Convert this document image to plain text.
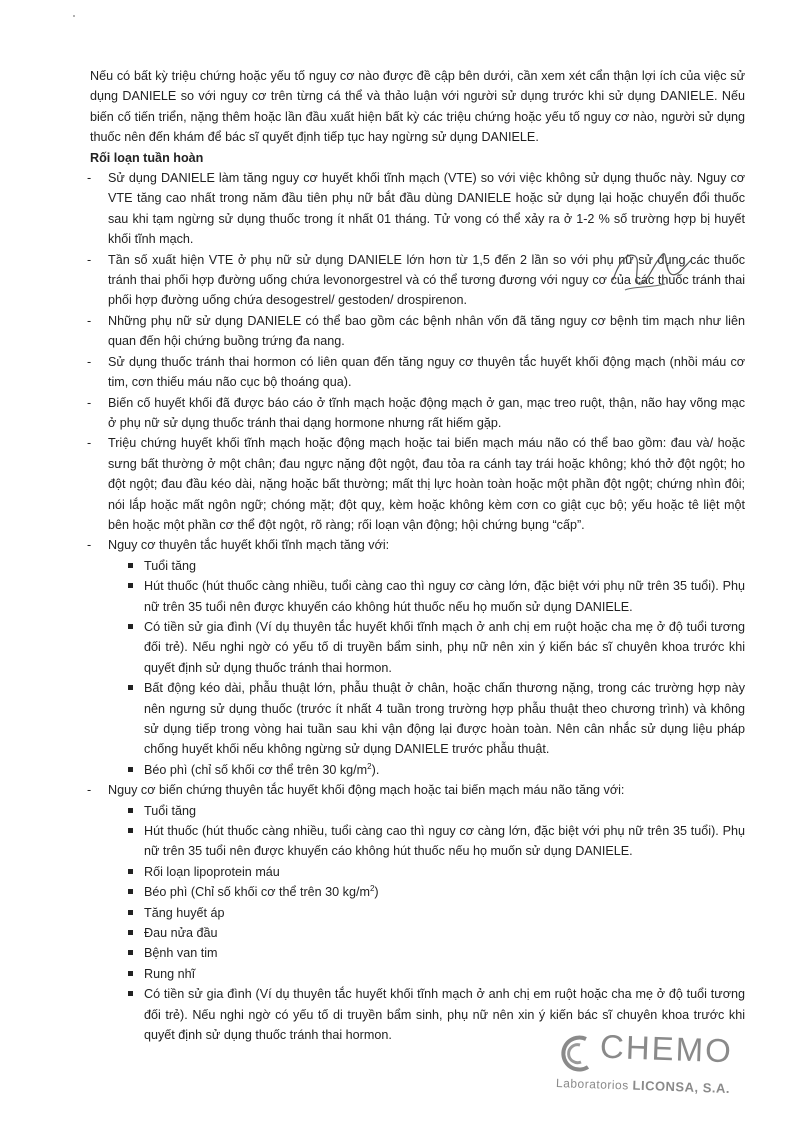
Nếu có bất kỳ triệu chứng hoặc yếu tố nguy cơ nào được đề cập bên dưới, cần xem xét cẩn thận lợi ích của việc sử dụng DANIELE so với nguy cơ trên từng cá thể và thảo luận với người sử dụng trước khi sử dụng DANIELE. Nếu biến cố tiến triển, nặng thêm hoặc lần đầu xuất hiện bất kỳ các triệu chứng hoặc yếu tố nguy cơ nào, người sử dụng thuốc nên đến khám để bác sĩ quyết định tiếp tục hay ngừng sử dụng DANIELE.

Rối loạn tuần hoàn

- Sử dụng DANIELE làm tăng nguy cơ huyết khối tĩnh mạch (VTE) so với việc không sử dụng thuốc này. Nguy cơ VTE tăng cao nhất trong năm đầu tiên phụ nữ bắt đầu dùng DANIELE hoặc sử dụng lại hoặc chuyển đổi thuốc sau khi tạm ngừng sử dụng thuốc trong ít nhất 01 tháng. Tử vong có thể xảy ra ở 1-2 % số trường hợp bị huyết khối tĩnh mạch.
- Tần số xuất hiện VTE ở phụ nữ sử dụng DANIELE lớn hơn từ 1,5 đến 2 lần so với phụ nữ sử dụng các thuốc tránh thai phối hợp đường uống chứa levonorgestrel và có thể tương đương với nguy cơ của các thuốc tránh thai phối hợp đường uống chứa desogestrel/ gestoden/ drospirenon.
- Những phụ nữ sử dụng DANIELE có thể bao gồm các bệnh nhân vốn đã tăng nguy cơ bệnh tim mạch như liên quan đến hội chứng buồng trứng đa nang.
- Sử dụng thuốc tránh thai hormon có liên quan đến tăng nguy cơ thuyên tắc huyết khối động mạch (nhồi máu cơ tim, cơn thiếu máu não cục bộ thoáng qua).
- Biến cố huyết khối đã được báo cáo ở tĩnh mạch hoặc động mạch ở gan, mạc treo ruột, thận, não hay võng mạc ở phụ nữ sử dụng thuốc tránh thai dạng hormone nhưng rất hiếm gặp.
- Triệu chứng huyết khối tĩnh mạch hoặc động mạch hoặc tai biến mạch máu não có thể bao gồm: đau và/ hoặc sưng bất thường ở một chân; đau ngực nặng đột ngột, đau tỏa ra cánh tay trái hoặc không; khó thở đột ngột; ho đột ngột; đau đầu kéo dài, nặng hoặc bất thường; mất thị lực hoàn toàn hoặc một phần đột ngột; chứng nhìn đôi; nói lắp hoặc mất ngôn ngữ; chóng mặt; đột quỵ, kèm hoặc không kèm cơn co giật cục bộ; yếu hoặc tê liệt một bên hoặc một phần cơ thể đột ngột, rõ ràng; rối loạn vận động; hội chứng bụng “cấp”.
- Nguy cơ thuyên tắc huyết khối tĩnh mạch tăng với:
Tuổi tăng
Hút thuốc (hút thuốc càng nhiều, tuổi càng cao thì nguy cơ càng lớn, đặc biệt với phụ nữ trên 35 tuổi). Phụ nữ trên 35 tuổi nên được khuyến cáo không hút thuốc nếu họ muốn sử dụng DANIELE.
Có tiền sử gia đình (Ví dụ thuyên tắc huyết khối tĩnh mạch ở anh chị em ruột hoặc cha mẹ ở độ tuổi tương đối trẻ). Nếu nghi ngờ có yếu tố di truyền bẩm sinh, phụ nữ nên xin ý kiến bác sĩ chuyên khoa trước khi quyết định sử dụng thuốc tránh thai hormon.
Bất động kéo dài, phẫu thuật lớn, phẫu thuật ở chân, hoặc chấn thương nặng, trong các trường hợp này nên ngưng sử dụng thuốc (trước ít nhất 4 tuần trong trường hợp phẫu thuật theo chương trình) và không sử dụng tiếp trong vòng hai tuần sau khi vận động lại được hoàn toàn. Nên cân nhắc sử dụng liệu pháp chống huyết khối nếu không ngừng sử dụng DANIELE trước phẫu thuật.
Béo phì (chỉ số khối cơ thể trên 30 $kg/m^2$).
- Nguy cơ biến chứng thuyên tắc huyết khối động mạch hoặc tai biến mạch máu não tăng với:
Tuổi tăng
Hút thuốc (hút thuốc càng nhiều, tuổi càng cao thì nguy cơ càng lớn, đặc biệt với phụ nữ trên 35 tuổi). Phụ nữ trên 35 tuổi nên được khuyến cáo không hút thuốc nếu họ muốn sử dụng DANIELE.
Rối loạn lipoprotein máu
Béo phì (Chỉ số khối cơ thể trên 30 $kg/m^2$)
Tăng huyết áp
Đau nửa đầu
Bệnh van tim
Rung nhĩ
Có tiền sử gia đình (Ví dụ thuyên tắc huyết khối tĩnh mạch ở anh chị em ruột hoặc cha mẹ ở độ tuổi tương đối trẻ). Nếu nghi ngờ có yếu tố di truyền bẩm sinh, phụ nữ nên xin ý kiến bác sĩ chuyên khoa trước khi quyết định sử dụng thuốc tránh thai hormon.	CHEMO
Laboratorios LICONSA, S.A.
